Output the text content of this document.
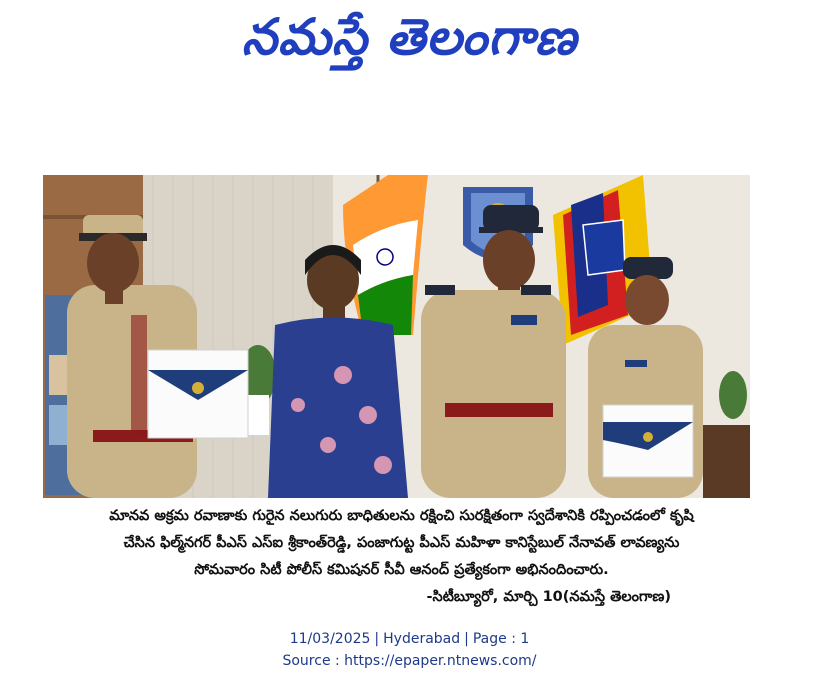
నమస్తే తెలంగాణ
మానవ అక్రమ రవాణాకు గురైన నలుగురు బాధితులను రక్షించి సురక్షితంగా స్వదేశానికి రప్పించడంలో కృషి
చేసిన ఫిల్మ్‌నగర్ పీఎస్ ఎస్ఐ శ్రీకాంత్‌రెడ్డి, పంజాగుట్ట పీఎస్ మహిళా కానిస్టేబుల్ నేనావత్ లావణ్యను
సోమవారం సిటీ పోలీస్ కమిషనర్ సీవీ ఆనంద్ ప్రత్యేకంగా అభినందించారు.
-సిటీబ్యూరో, మార్చి 10(నమస్తే తెలంగాణ)
11/03/2025 | Hyderabad | Page : 1
Source : https://epaper.ntnews.com/
